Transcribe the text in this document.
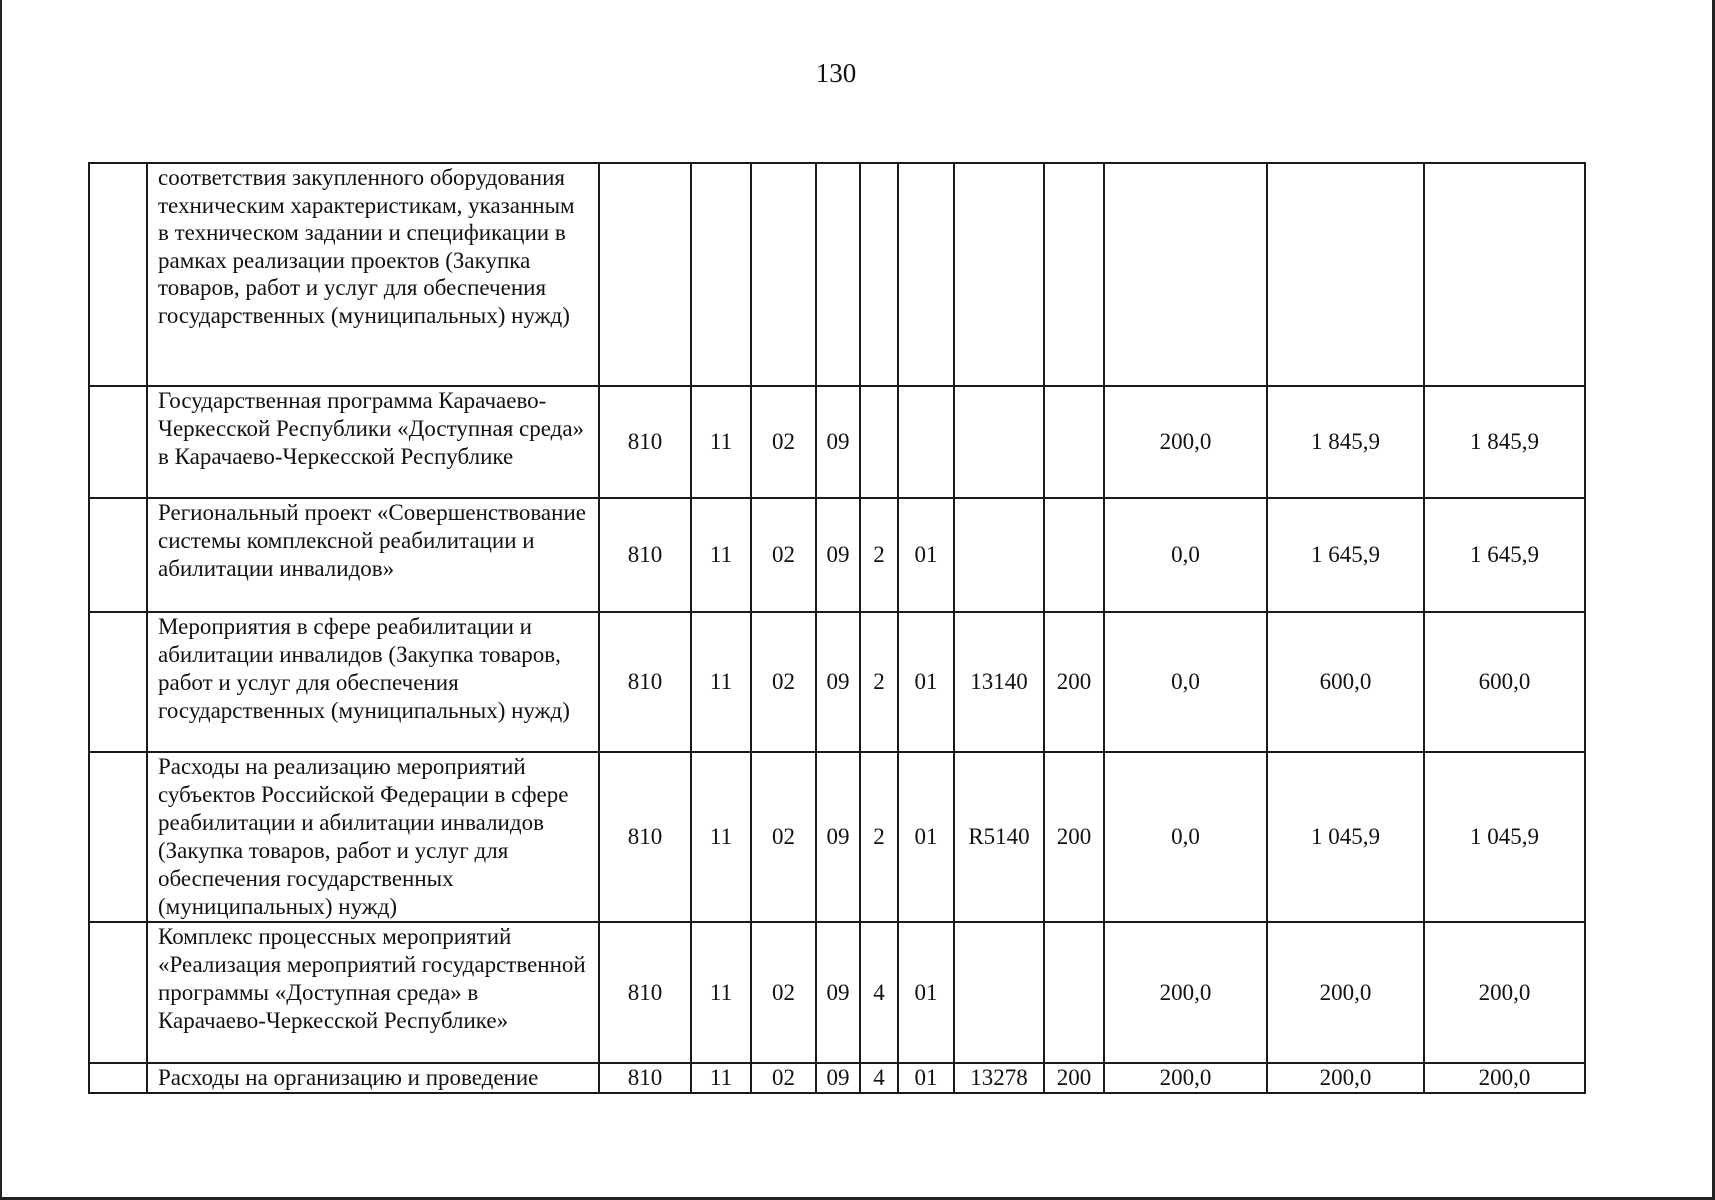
130
	соответствия закупленного оборудования техническим характеристикам, указанным в техническом задании и спецификации в рамках реализации проектов (Закупка товаров, работ и услуг для обеспечения государственных (муниципальных) нужд)											
	Государственная программа Карачаево-Черкесской Республики «Доступная среда» в Карачаево-Черкесской Республике	810	11	02	09					200,0	1 845,9	1 845,9
	Региональный проект «Совершенствование системы комплексной реабилитации и абилитации инвалидов»	810	11	02	09	2	01			0,0	1 645,9	1 645,9
	Мероприятия в сфере реабилитации и абилитации инвалидов (Закупка товаров, работ и услуг для обеспечения государственных (муниципальных) нужд)	810	11	02	09	2	01	13140	200	0,0	600,0	600,0
	Расходы на реализацию мероприятий субъектов Российской Федерации в сфере реабилитации и абилитации инвалидов (Закупка товаров, работ и услуг для обеспечения государственных (муниципальных) нужд)	810	11	02	09	2	01	R5140	200	0,0	1 045,9	1 045,9
	Комплекс процессных мероприятий «Реализация мероприятий государственной программы «Доступная среда» в Карачаево-Черкесской Республике»	810	11	02	09	4	01			200,0	200,0	200,0
	Расходы на организацию и проведение	810	11	02	09	4	01	13278	200	200,0	200,0	200,0
